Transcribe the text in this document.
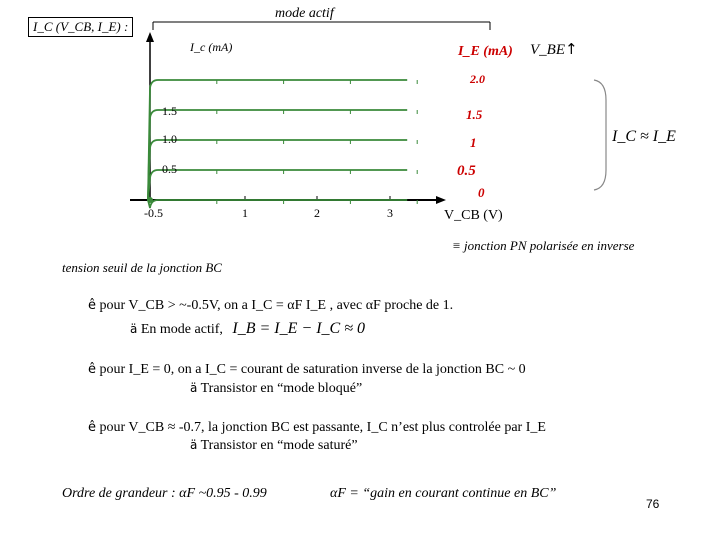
I_C (V_CB, I_E) :
mode actif
I_c (mA)	I_E (mA) V_BE ↑
2.0
1.5
1
0.5
0
1.5
1.0
0.5
-0.5	1	2	3	V_CB (V)
I_C ≈ I_E
≡ jonction PN polarisée en inverse
tension seuil de la jonction BC
ê pour V_CB > ~-0.5V, on a I_C = αF I_E , avec αF proche de 1.
ä En mode actif, I_B = I_E − I_C ≈ 0
ê pour I_E = 0, on a I_C = courant de saturation inverse de la jonction BC ~ 0
ä Transistor en “mode bloqué”
ê pour V_CB ≈ -0.7, la jonction BC est passante, I_C n’est plus controlée par I_E
ä Transistor en “mode saturé”
Ordre de grandeur : αF ~0.95 - 0.99	αF = “gain en courant continue en BC”
76
